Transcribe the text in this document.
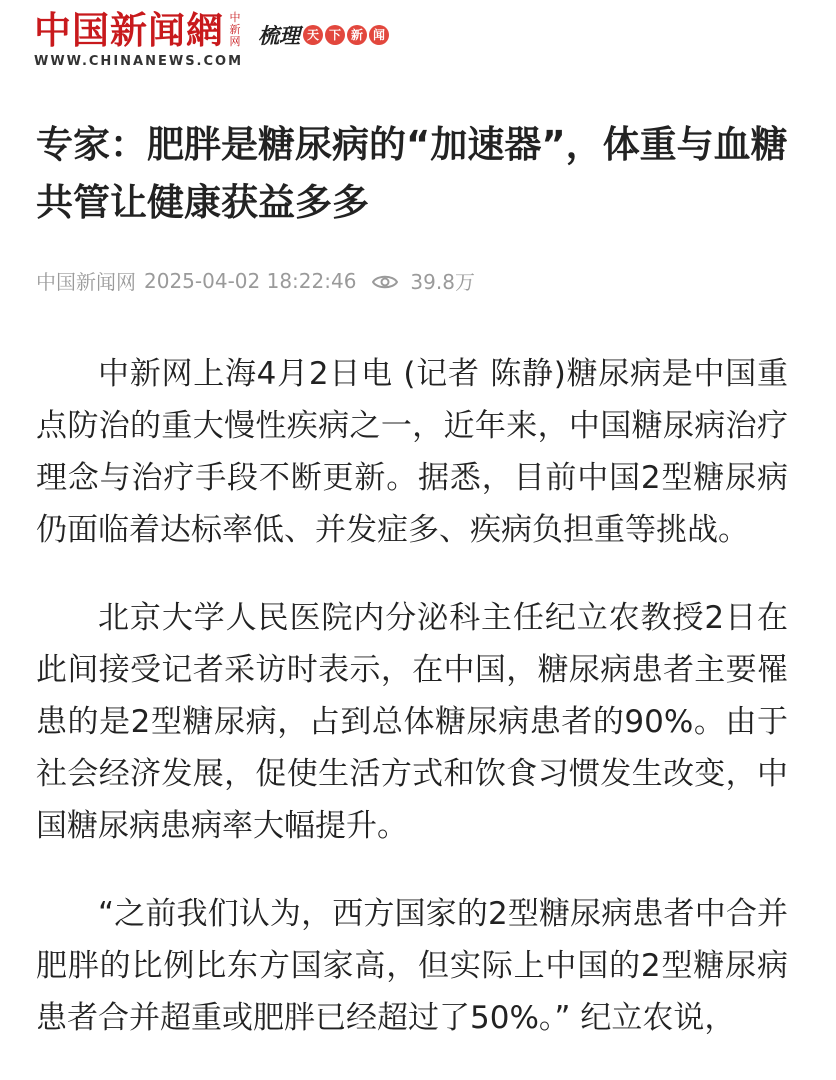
中国新闻網 中新网
WWW.CHINANEWS.COM
梳理 天 下 新 闻
专家：肥胖是糖尿病的“加速器”，体重与血糖共管让健康获益多多
中国新闻网 2025-04-02 18:22:46	39.8万

中新网上海4月2日电 (记者 陈静)糖尿病是中国重点防治的重大慢性疾病之一，近年来，中国糖尿病治疗理念与治疗手段不断更新。据悉，目前中国2型糖尿病仍面临着达标率低、并发症多、疾病负担重等挑战。

北京大学人民医院内分泌科主任纪立农教授2日在此间接受记者采访时表示，在中国，糖尿病患者主要罹患的是2型糖尿病，占到总体糖尿病患者的90%。由于社会经济发展，促使生活方式和饮食习惯发生改变，中国糖尿病患病率大幅提升。

“之前我们认为，西方国家的2型糖尿病患者中合并肥胖的比例比东方国家高，但实际上中国的2型糖尿病患者合并超重或肥胖已经超过了50%。” 纪立农说，
